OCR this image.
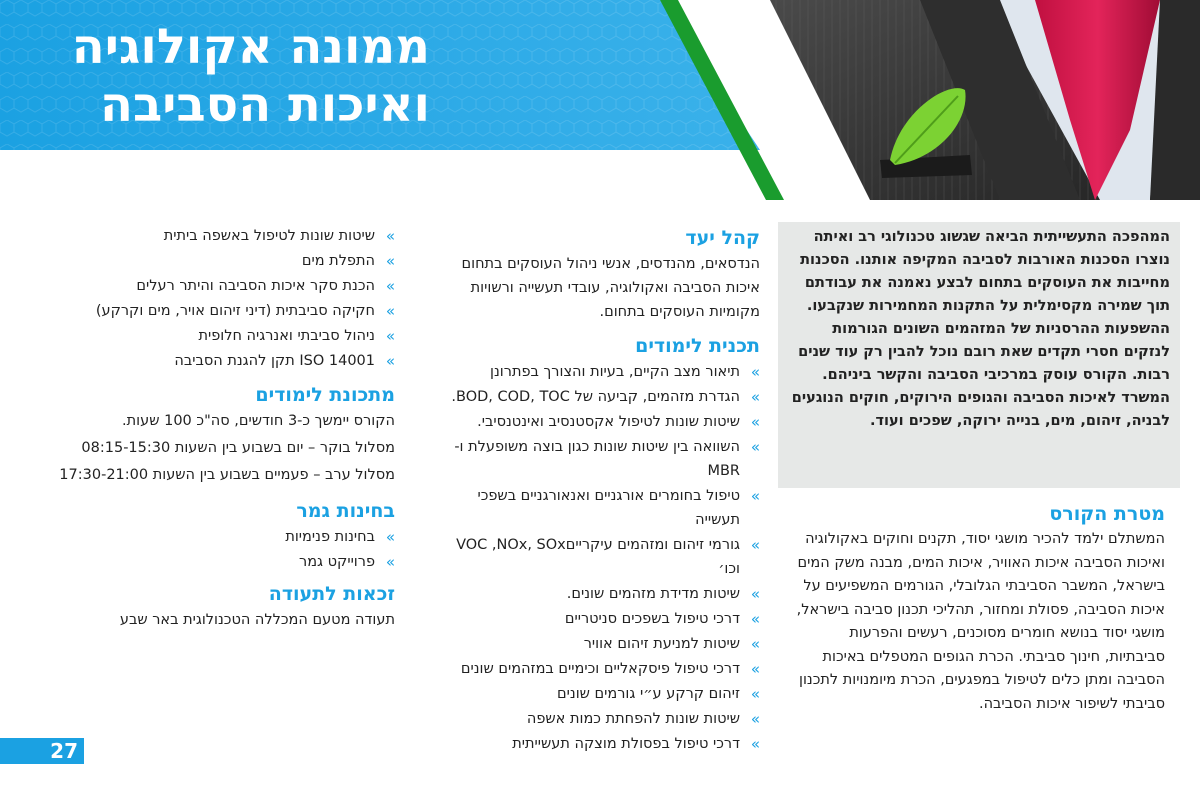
ממונה אקולוגיה
ואיכות הסביבה

המהפכה התעשייתית הביאה שגשוג טכנולוגי רב ואיתה נוצרו הסכנות האורבות לסביבה המקיפה אותנו. הסכנות מחייבות את העוסקים בתחום לבצע נאמנה את עבודתם תוך שמירה מקסימלית על התקנות המחמירות שנקבעו. ההשפעות ההרסניות של המזהמים השונים הגורמות לנזקים חסרי תקדים שאת רובם נוכל להבין רק עוד שנים רבות. הקורס עוסק במרכיבי הסביבה והקשר ביניהם. המשרד לאיכות הסביבה והגופים הירוקים, חוקים הנוגעים לבניה, זיהום, מים, בנייה ירוקה, שפכים ועוד.

מטרת הקורס

המשתלם ילמד להכיר מושגי יסוד, תקנים וחוקים באקולוגיה ואיכות הסביבה איכות האוויר, איכות המים, מבנה משק המים בישראל, המשבר הסביבתי הגלובלי, הגורמים המשפיעים על איכות הסביבה, פסולת ומחזור, תהליכי תכנון סביבה בישראל, מושגי יסוד בנושא חומרים מסוכנים, רעשים והפרעות סביבתיות, חינוך סביבתי. הכרת הגופים המטפלים באיכות הסביבה ומתן כלים לטיפול במפגעים, הכרת מיומנויות לתכנון סביבתי לשיפור איכות הסביבה.

קהל יעד

הנדסאים, מהנדסים, אנשי ניהול העוסקים בתחום איכות הסביבה ואקולוגיה, עובדי תעשייה ורשויות מקומיות העוסקים בתחום.

תכנית לימודים
»
תיאור מצב הקיים, בעיות והצורך בפתרונן
»
הגדרת מזהמים, קביעה של BOD, COD, TOC.
»
שיטות שונות לטיפול אקסטנסיב ואינטנסיבי.
»
השוואה בין שיטות שונות כגון בוצה משופעלת ו-MBR
»
טיפול בחומרים אורגניים ואנאורגניים בשפכי תעשייה
»
גורמי זיהום ומזהמים עיקרייםVOC ,NOx, SOx וכו׳
»
שיטות מדידת מזהמים שונים.
»
דרכי טיפול בשפכים סניטריים
»
שיטות למניעת זיהום אוויר
»
דרכי טיפול פיסקאליים וכימיים במזהמים שונים
»
זיהום קרקע ע״י גורמים שונים
»
שיטות שונות להפחתת כמות אשפה
»
דרכי טיפול בפסולת מוצקה תעשייתית
»
שיטות שונות לטיפול באשפה ביתית
»
התפלת מים
»
הכנת סקר איכות הסביבה והיתר רעלים
»
חקיקה סביבתית (דיני זיהום אויר, מים וקרקע)
»
ניהול סביבתי ואנרגיה חלופית
»
ISO 14001 תקן להגנת הסביבה
מתכונת לימודים

הקורס יימשך כ-3 חודשים, סה"כ 100 שעות.

מסלול בוקר – יום בשבוע בין השעות 08:15-15:30

מסלול ערב – פעמיים בשבוע בין השעות 17:30-21:00

בחינות גמר
»
בחינות פנימיות
»
פרוייקט גמר
זכאות לתעודה

תעודה מטעם המכללה הטכנולוגית באר שבע

27
